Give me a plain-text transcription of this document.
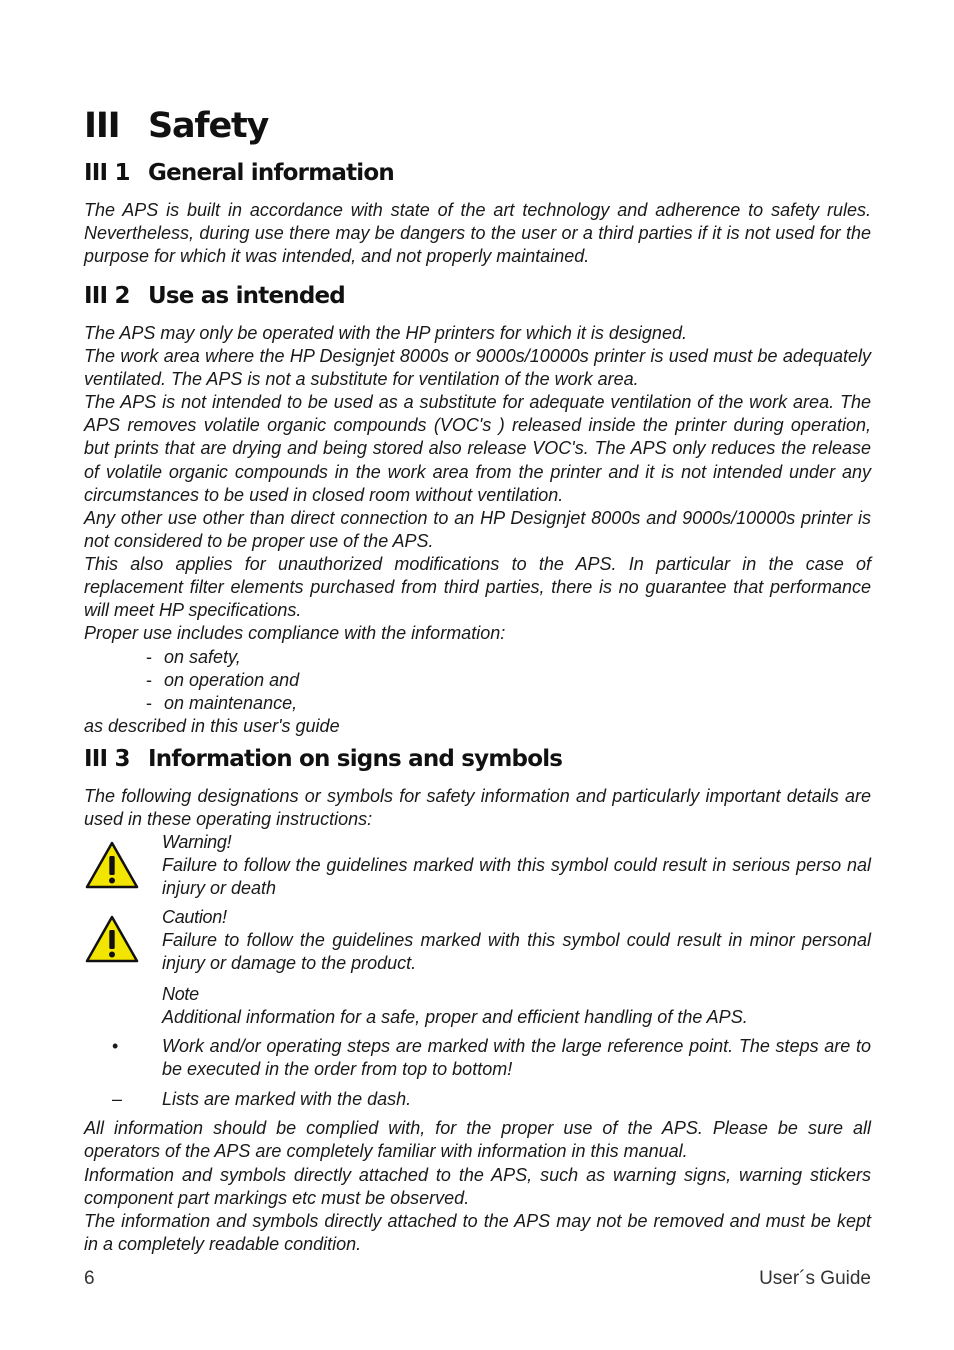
III Safety
III 1 General information

The APS is built in accordance with state of the art technology and adherence to safety rules. Nevertheless, during use there may be dangers to the user or a third parties if it is not used for the purpose for which it was intended, and not properly maintained.

III 2 Use as intended

The APS may only be operated with the HP printers for which it is designed.

The work area where the HP Designjet 8000s or 9000s/10000s printer is used must be adequately ventilated. The APS is not a substitute for ventilation of the work area.

The APS is not intended to be used as a substitute for adequate ventilation of the work area. The APS removes volatile organic compounds (VOC's ) released inside the printer during operation, but prints that are drying and being stored also release VOC's. The APS only reduces the release of volatile organic compounds in the work area from the printer and it is not intended under any circumstances to be used in closed room without ventilation.

Any other use other than direct connection to an HP Designjet 8000s and 9000s/10000s printer is not considered to be proper use of the APS.

This also applies for unauthorized modifications to the APS. In particular in the case of replacement filter elements purchased from third parties, there is no guarantee that performance will meet HP specifications.

Proper use includes compliance with the information:

- on safety,

- on operation and

- on maintenance,

as described in this user's guide

III 3 Information on signs and symbols

The following designations or symbols for safety information and particularly important details are used in these operating instructions:

Warning!
Failure to follow the guidelines marked with this symbol could result in serious perso nal injury or death
Caution!
Failure to follow the guidelines marked with this symbol could result in minor personal injury or damage to the product.
Note
Additional information for a safe, proper and efficient handling of the APS.
• Work and/or operating steps are marked with the large reference point. The steps are to be executed in the order from top to bottom!
– Lists are marked with the dash.

All information should be complied with, for the proper use of the APS. Please be sure all operators of the APS are completely familiar with information in this manual.

Information and symbols directly attached to the APS, such as warning signs, warning stickers component part markings etc must be observed.

The information and symbols directly attached to the APS may not be removed and must be kept in a completely readable condition.

6	User´s Guide
